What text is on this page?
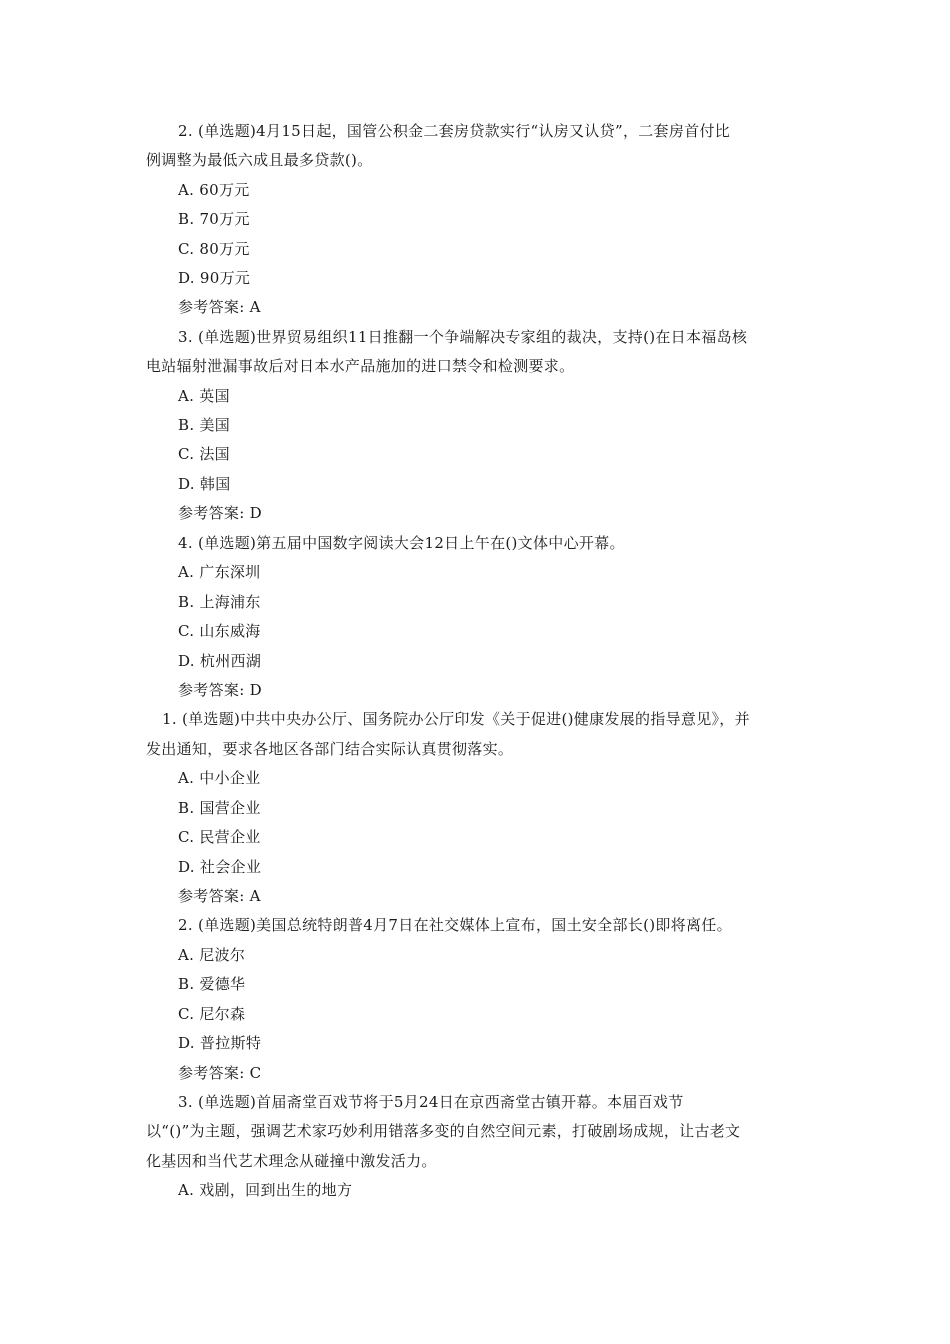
2. (单选题)4月15日起，国管公积金二套房贷款实行“认房又认贷”，二套房首付比
例调整为最低六成且最多贷款()。
A. 60万元
B. 70万元
C. 80万元
D. 90万元
参考答案: A
3. (单选题)世界贸易组织11日推翻一个争端解决专家组的裁决，支持()在日本福岛核
电站辐射泄漏事故后对日本水产品施加的进口禁令和检测要求。
A. 英国
B. 美国
C. 法国
D. 韩国
参考答案: D
4. (单选题)第五届中国数字阅读大会12日上午在()文体中心开幕。
A. 广东深圳
B. 上海浦东
C. 山东威海
D. 杭州西湖
参考答案: D
1. (单选题)中共中央办公厅、国务院办公厅印发《关于促进()健康发展的指导意见》，并
发出通知，要求各地区各部门结合实际认真贯彻落实。
A. 中小企业
B. 国营企业
C. 民营企业
D. 社会企业
参考答案: A
2. (单选题)美国总统特朗普4月7日在社交媒体上宣布，国土安全部长()即将离任。
A. 尼波尔
B. 爱德华
C. 尼尔森
D. 普拉斯特
参考答案: C
3. (单选题)首届斋堂百戏节将于5月24日在京西斋堂古镇开幕。本届百戏节
以“()”为主题，强调艺术家巧妙利用错落多变的自然空间元素，打破剧场成规，让古老文
化基因和当代艺术理念从碰撞中激发活力。
A. 戏剧，回到出生的地方
